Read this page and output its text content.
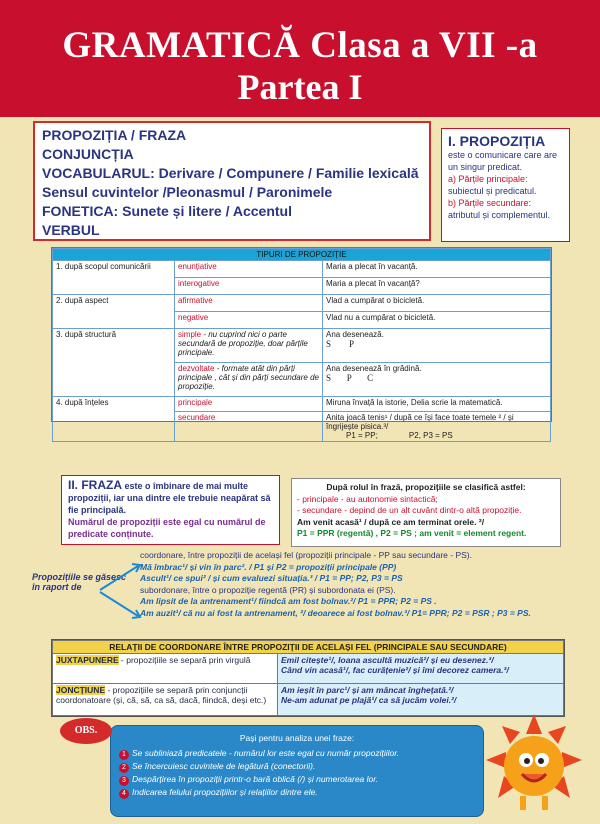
GRAMATICĂ Clasa a VII -a
Partea I
PROPOZIȚIA / FRAZA
CONJUNCȚIA
VOCABULARUL: Derivare / Compunere / Familie lexicală
Sensul cuvintelor /Pleonasmul / Paronimele
FONETICA: Sunete și litere / Accentul
VERBUL
I. PROPOZIȚIA
este o comunicare care are un singur predicat.
a) Părțile principale:
subiectul și predicatul.
b) Părțile secundare:
atributul și complementul.
TIPURI DE PROPOZIȚIE		
1. după scopul comunicării	enunțiative	Maria a plecat în vacanță.
	interogative	Maria a plecat în vacanță?
2. după aspect	afirmative	Vlad a cumpărat o bicicletă.
	negative	Vlad nu a cumpărat o bicicletă.
3. după structură	simple - nu cuprind nici o parte secundară de propoziție, doar părțile principale.	Ana desenează.
S        P

	dezvoltate - formate atât din părți principale , cât și din părți secundare de propoziție.	Ana desenează în grădină.
S       P       C

4. după înțeles	principale	Miruna învață la istorie, Delia scrie la matematică.
	secundare	Anita joacă tenis¹ / după ce își face toate temele ² / și îngrijește pisica.³/
P1 = PP;              P2, P3 = PS
II. FRAZA este o îmbinare de mai multe propoziții, iar una dintre ele trebuie neapărat să fie principală.
Numărul de propoziții este egal cu numărul de predicate conținute.
După rolul în frază, propozițiile se clasifică astfel:
- principale - au autonomie sintactică;
- secundare - depind de un alt cuvânt dintr-o altă propoziție.
Am venit acasă¹ / după ce am terminat orele. ²/
P1 = PPR (regentă) , P2 = PS ; am venit = element regent.
Propozițiile se găsesc în raport de
coordonare, între propoziții de același fel (propoziții principale - PP sau secundare - PS).
Mă îmbrac¹/ și vin în parc². / P1 și P2 = propoziții principale (PP)
Ascult¹/ ce spui² / și cum evaluezi situația.³ / P1 = PP; P2, P3 = PS
subordonare, între o propoziție regentă (PR) și subordonata ei (PS).
Am lipsit de la antrenament¹/ fiindcă am fost bolnav.²/ P1 = PPR; P2 = PS .
Am auzit¹/ că nu ai fost la antrenament, ²/ deoarece ai fost bolnav.³/ P1= PPR; P2 = PSR ; P3 = PS.
RELAȚII DE COORDONARE ÎNTRE PROPOZIȚII DE ACELAȘI FEL (PRINCIPALE SAU SECUNDARE)	
JUXTAPUNERE - propozițiile se separă prin virgulă	Emil citește¹/, Ioana ascultă muzică²/ și eu desenez.³/
Când vin acasă¹/, fac curățenie²/ și îmi decorez camera.³/

JONCȚIUNE - propozițiile se separă prin conjuncții coordonatoare (și, că, să, ca să, dacă, fiindcă, deși etc.)	Am ieșit în parc¹/ și am mâncat înghețată.²/
Ne-am adunat pe plajă¹/ ca să jucăm volei.²/
Pași pentru analiza unei fraze:
1 Se subliniază predicatele - numărul lor este egal cu număr propozițiilor.
2 Se încercuiesc cuvintele de legătură (conectorii).
3 Despărțirea în propoziții printr-o bară oblică (/) și numerotarea lor.
4 Indicarea felului propozițiilor și relațiilor dintre ele.
OBS.
